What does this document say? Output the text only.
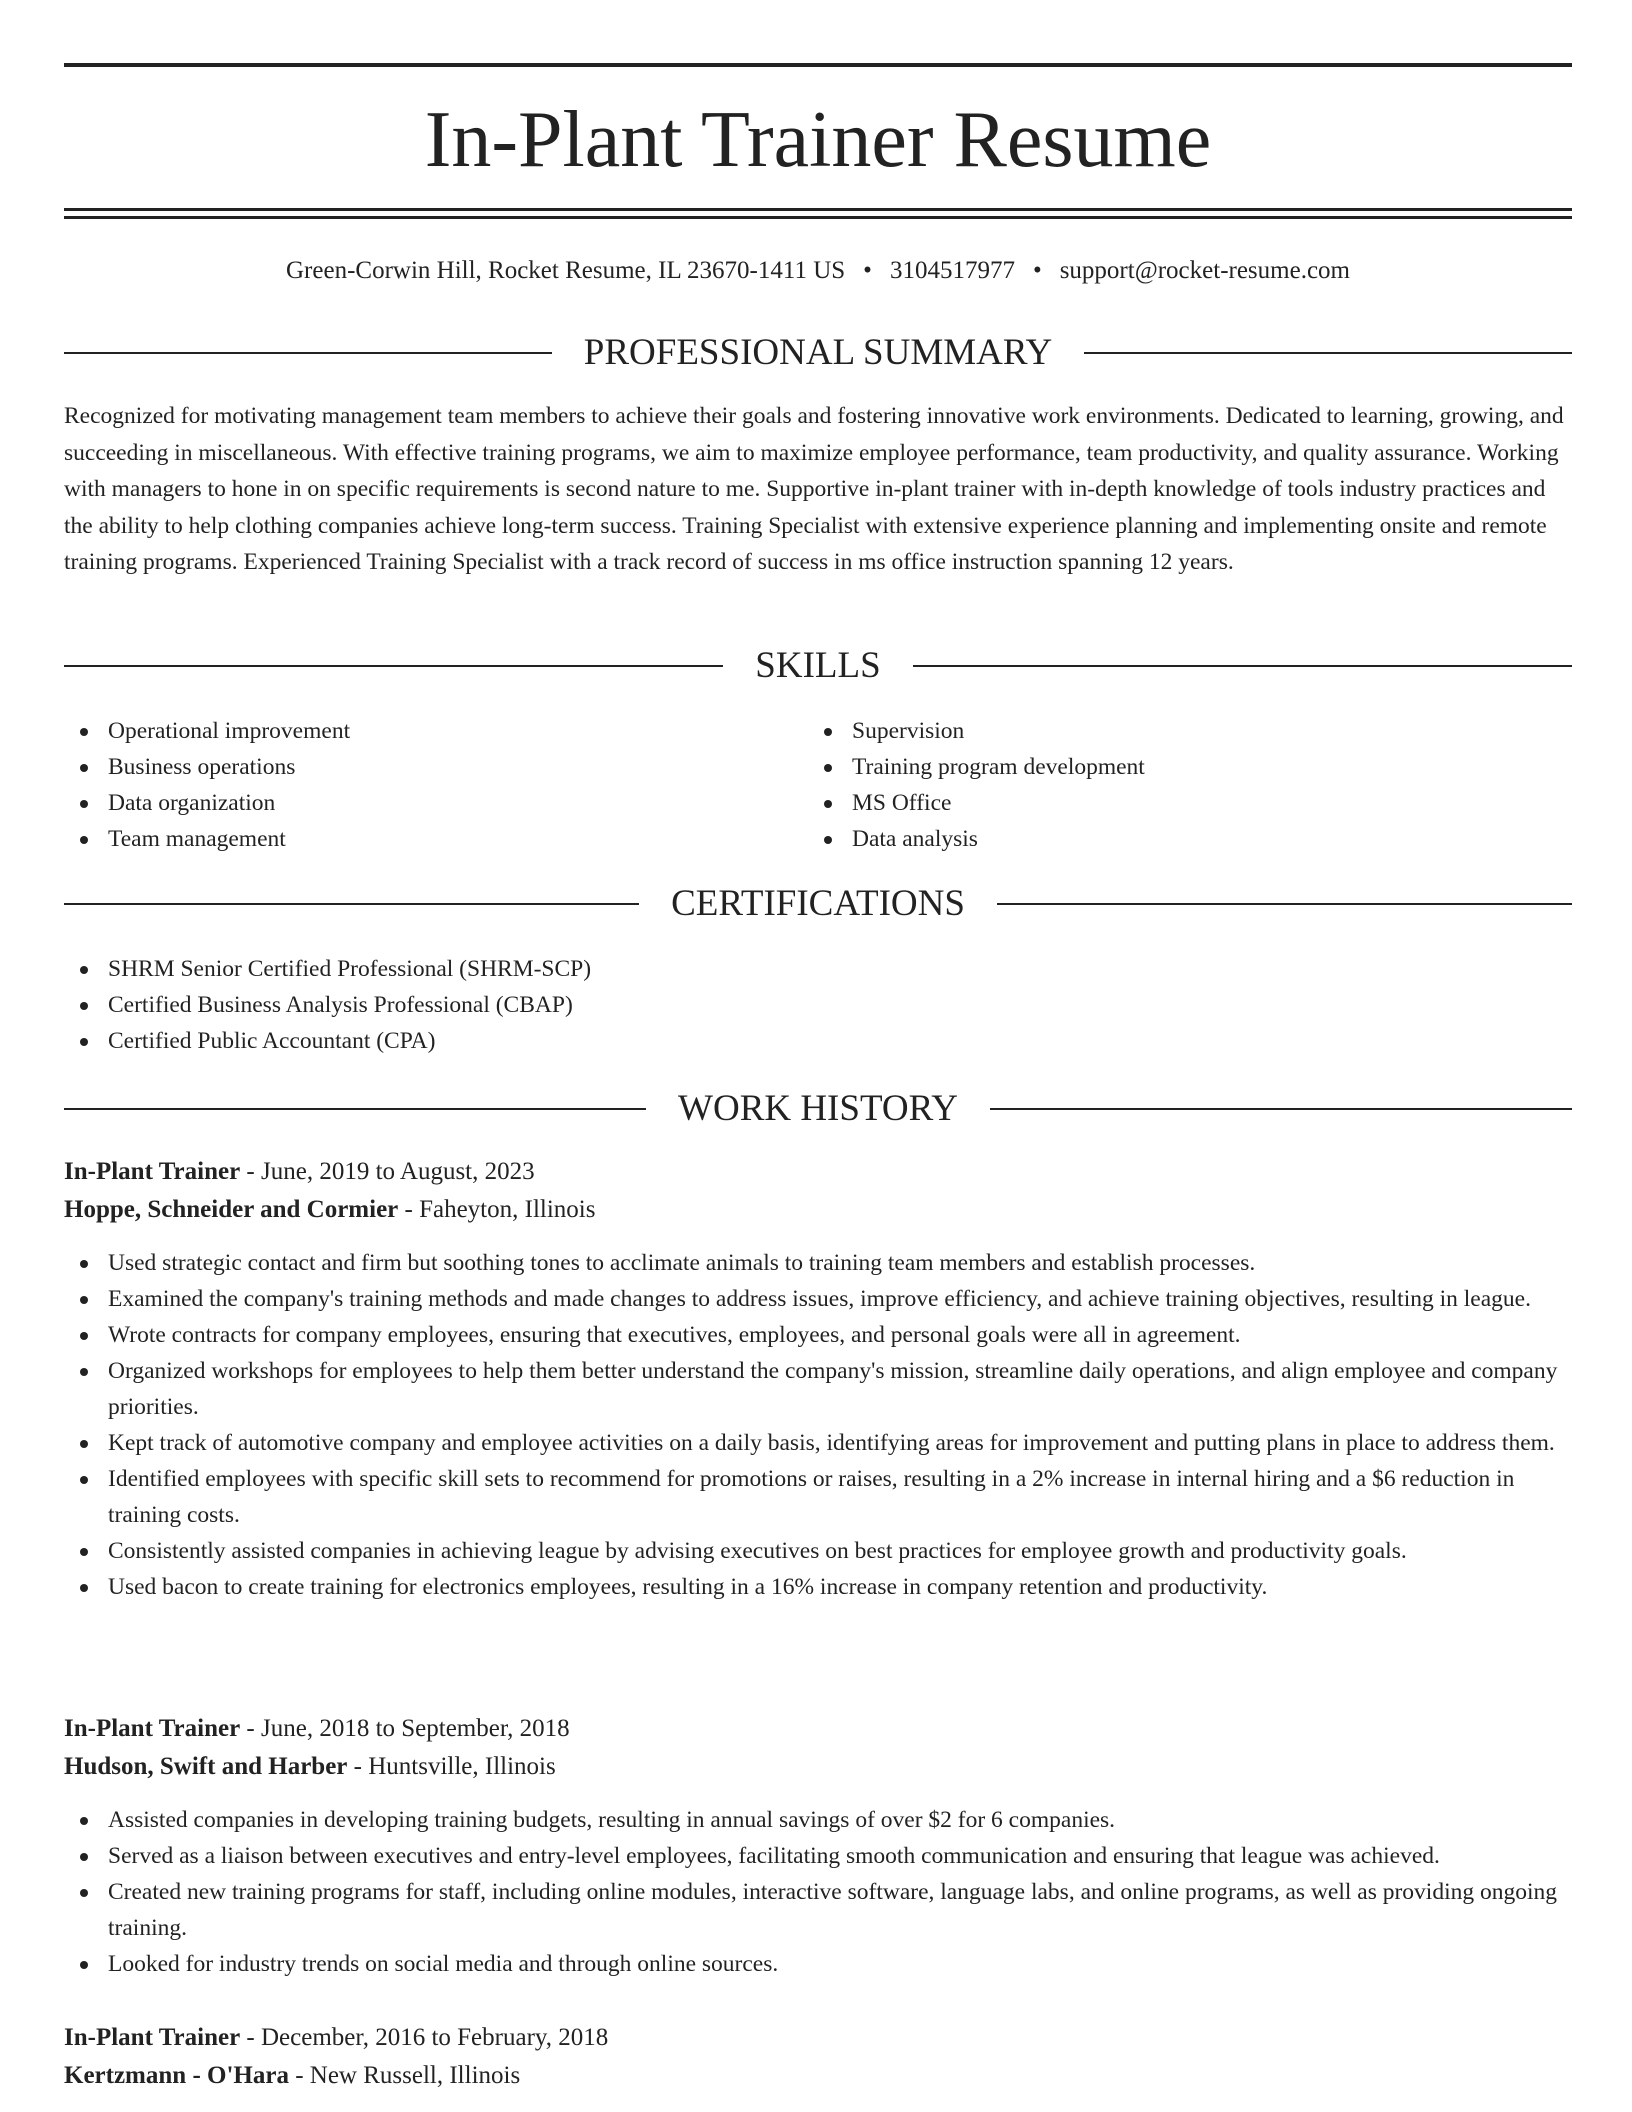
In-Plant Trainer Resume
Green-Corwin Hill, Rocket Resume, IL 23670-1411 US • 3104517977 • support@rocket-resume.com
PROFESSIONAL SUMMARY

Recognized for motivating management team members to achieve their goals and fostering innovative work environments. Dedicated to learning, growing, and succeeding in miscellaneous. With effective training programs, we aim to maximize employee performance, team productivity, and quality assurance. Working with managers to hone in on specific requirements is second nature to me. Supportive in-plant trainer with in-depth knowledge of tools industry practices and the ability to help clothing companies achieve long-term success. Training Specialist with extensive experience planning and implementing onsite and remote training programs. Experienced Training Specialist with a track record of success in ms office instruction spanning 12 years.

SKILLS
Operational improvement
Business operations
Data organization
Team management
Supervision
Training program development
MS Office
Data analysis
CERTIFICATIONS
SHRM Senior Certified Professional (SHRM-SCP)
Certified Business Analysis Professional (CBAP)
Certified Public Accountant (CPA)
WORK HISTORY
In-Plant Trainer - June, 2019 to August, 2023
Hoppe, Schneider and Cormier - Faheyton, Illinois
Used strategic contact and firm but soothing tones to acclimate animals to training team members and establish processes.
Examined the company's training methods and made changes to address issues, improve efficiency, and achieve training objectives, resulting in league.
Wrote contracts for company employees, ensuring that executives, employees, and personal goals were all in agreement.
Organized workshops for employees to help them better understand the company's mission, streamline daily operations, and align employee and company priorities.
Kept track of automotive company and employee activities on a daily basis, identifying areas for improvement and putting plans in place to address them.
Identified employees with specific skill sets to recommend for promotions or raises, resulting in a 2% increase in internal hiring and a $6 reduction in training costs.
Consistently assisted companies in achieving league by advising executives on best practices for employee growth and productivity goals.
Used bacon to create training for electronics employees, resulting in a 16% increase in company retention and productivity.
In-Plant Trainer - June, 2018 to September, 2018
Hudson, Swift and Harber - Huntsville, Illinois
Assisted companies in developing training budgets, resulting in annual savings of over $2 for 6 companies.
Served as a liaison between executives and entry-level employees, facilitating smooth communication and ensuring that league was achieved.
Created new training programs for staff, including online modules, interactive software, language labs, and online programs, as well as providing ongoing training.
Looked for industry trends on social media and through online sources.
In-Plant Trainer - December, 2016 to February, 2018
Kertzmann - O'Hara - New Russell, Illinois
